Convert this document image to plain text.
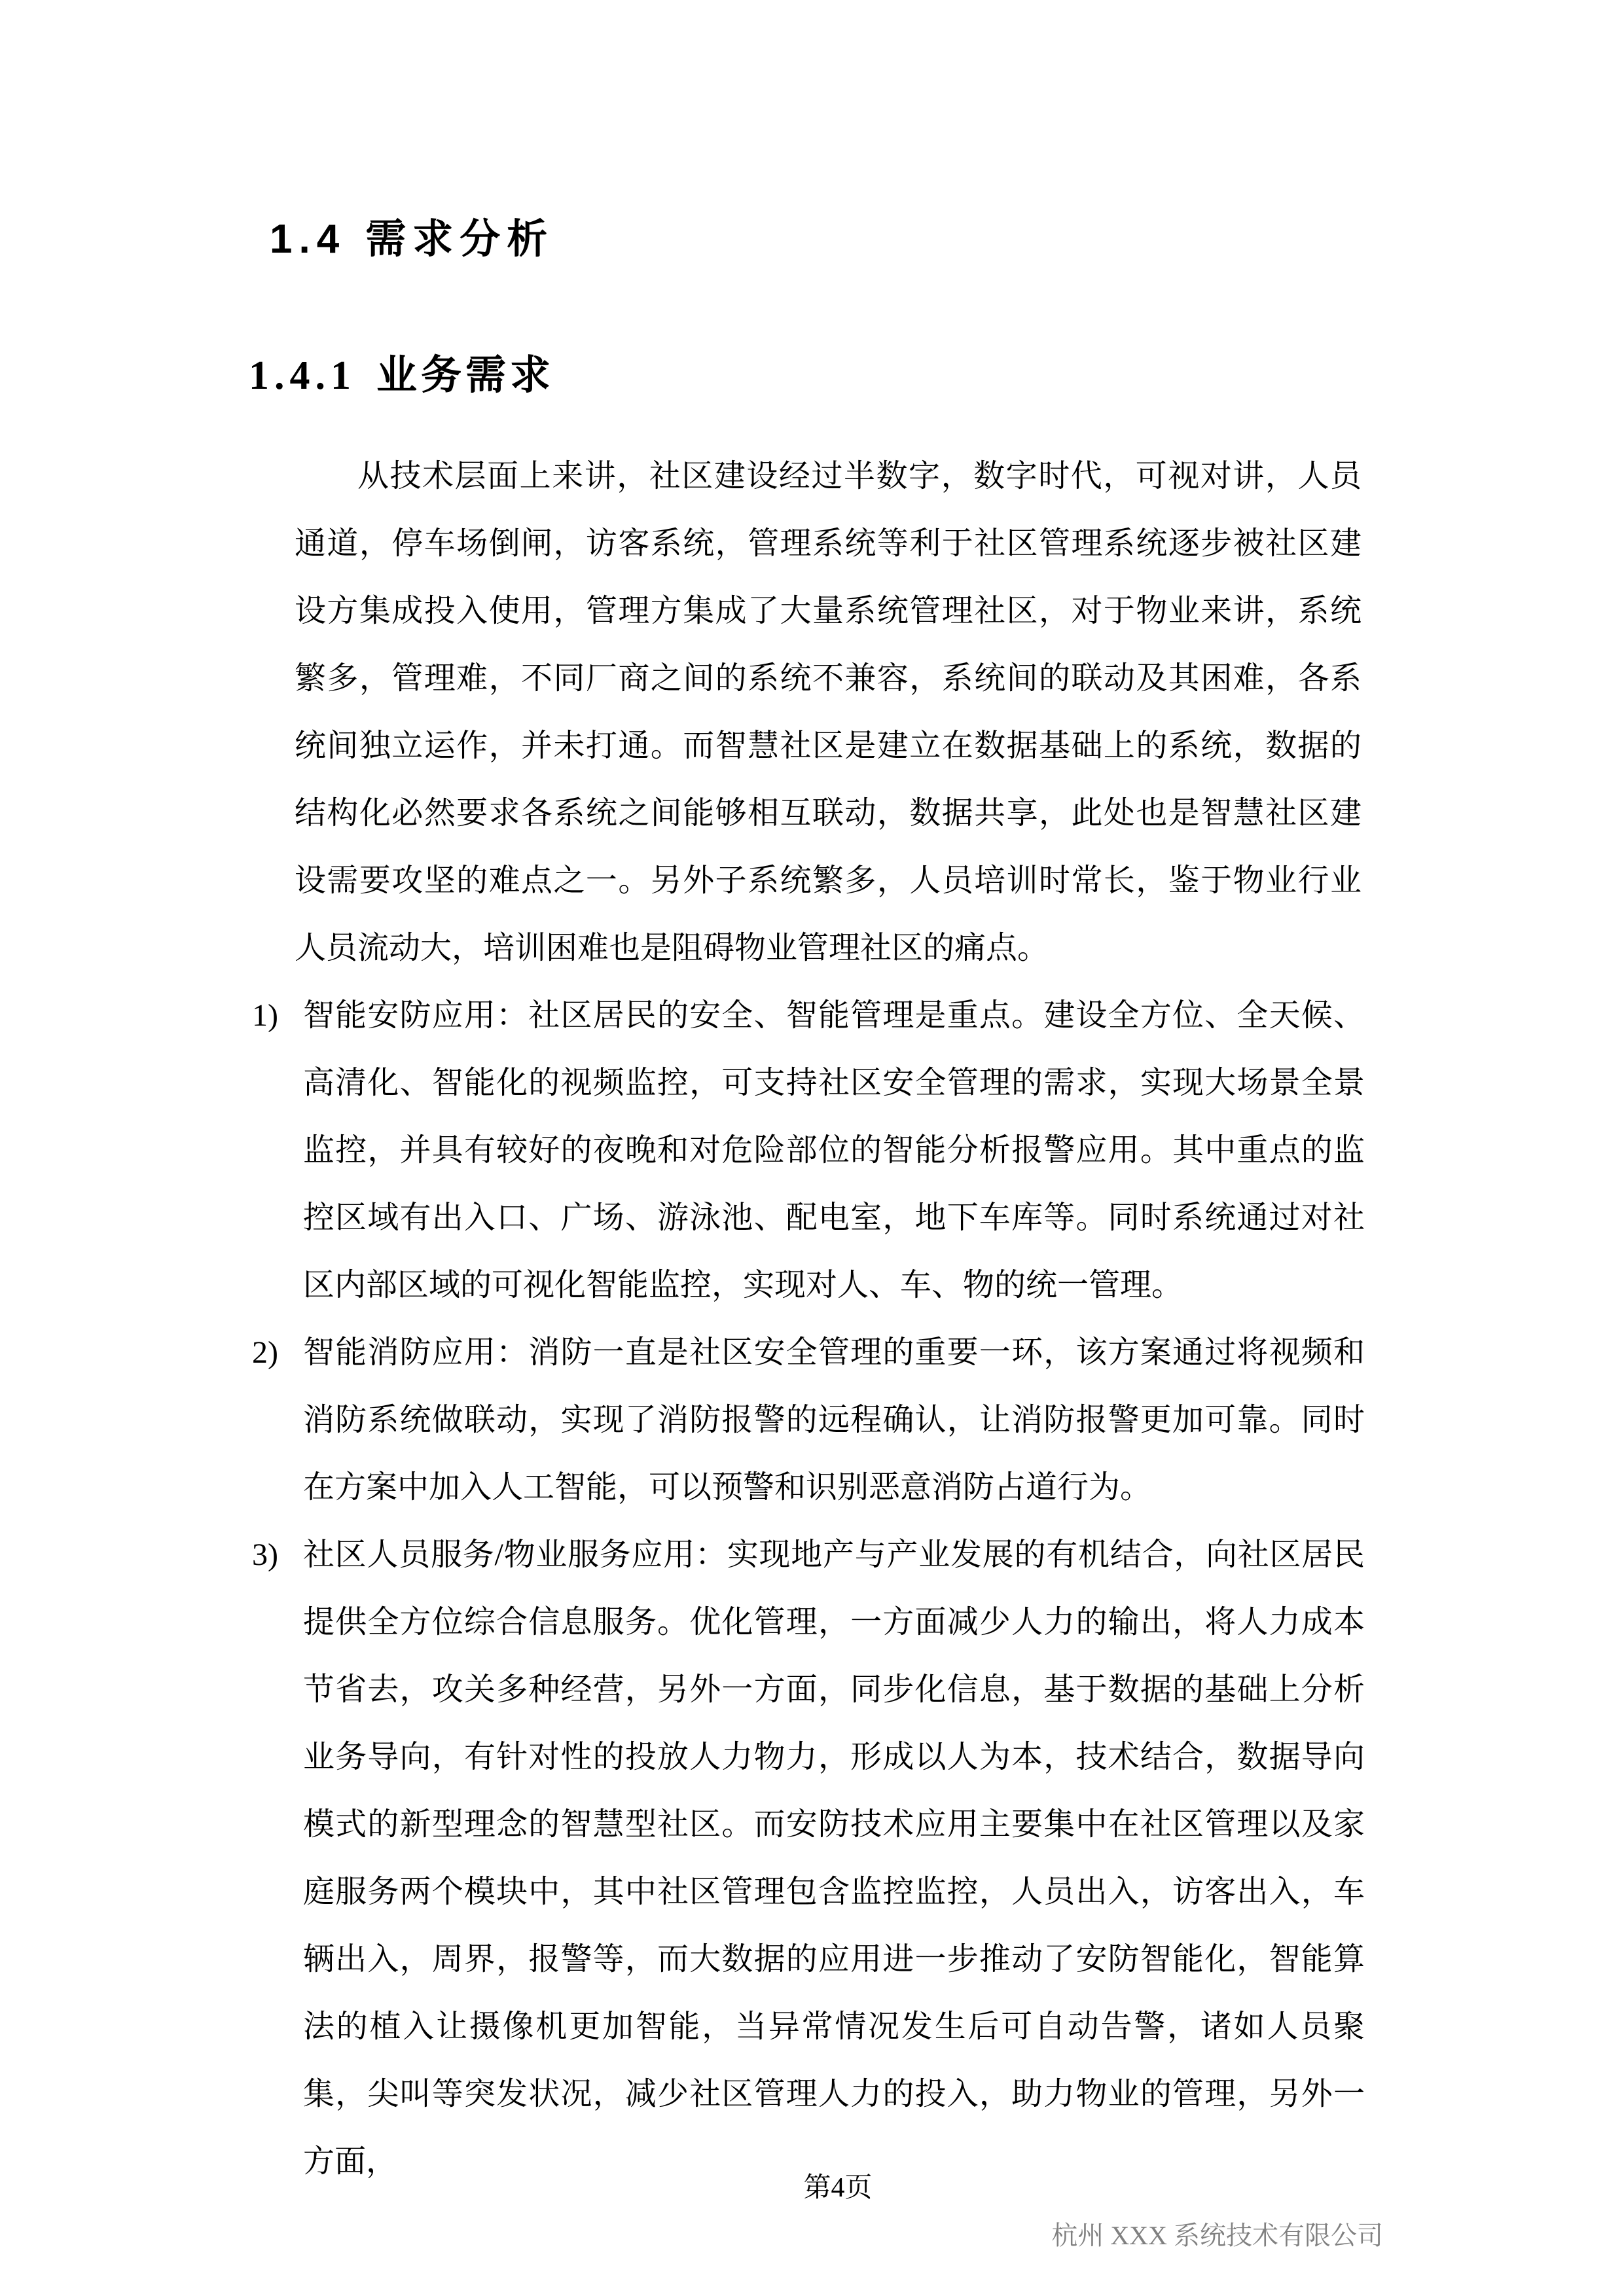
1.4 需求分析
1.4.1 业务需求

从技术层面上来讲，社区建设经过半数字，数字时代，可视对讲，人员通道，停车场倒闸，访客系统，管理系统等利于社区管理系统逐步被社区建设方集成投入使用，管理方集成了大量系统管理社区，对于物业来讲，系统繁多，管理难，不同厂商之间的系统不兼容，系统间的联动及其困难，各系统间独立运作，并未打通。而智慧社区是建立在数据基础上的系统，数据的结构化必然要求各系统之间能够相互联动，数据共享，此处也是智慧社区建设需要攻坚的难点之一。另外子系统繁多，人员培训时常长，鉴于物业行业人员流动大，培训困难也是阻碍物业管理社区的痛点。

1) 智能安防应用：社区居民的安全、智能管理是重点。建设全方位、全天候、高清化、智能化的视频监控，可支持社区安全管理的需求，实现大场景全景监控，并具有较好的夜晚和对危险部位的智能分析报警应用。其中重点的监控区域有出入口、广场、游泳池、配电室，地下车库等。同时系统通过对社区内部区域的可视化智能监控，实现对人、车、物的统一管理。
2) 智能消防应用：消防一直是社区安全管理的重要一环，该方案通过将视频和消防系统做联动，实现了消防报警的远程确认，让消防报警更加可靠。同时在方案中加入人工智能，可以预警和识别恶意消防占道行为。
3) 社区人员服务/物业服务应用：实现地产与产业发展的有机结合，向社区居民提供全方位综合信息服务。优化管理，一方面减少人力的输出，将人力成本节省去，攻关多种经营，另外一方面，同步化信息，基于数据的基础上分析业务导向，有针对性的投放人力物力，形成以人为本，技术结合，数据导向模式的新型理念的智慧型社区。而安防技术应用主要集中在社区管理以及家庭服务两个模块中，其中社区管理包含监控监控，人员出入，访客出入，车辆出入，周界，报警等，而大数据的应用进一步推动了安防智能化，智能算法的植入让摄像机更加智能，当异常情况发生后可自动告警，诸如人员聚集，尖叫等突发状况，减少社区管理人力的投入，助力物业的管理，另外一方面，
第4页
杭州 XXX 系统技术有限公司
